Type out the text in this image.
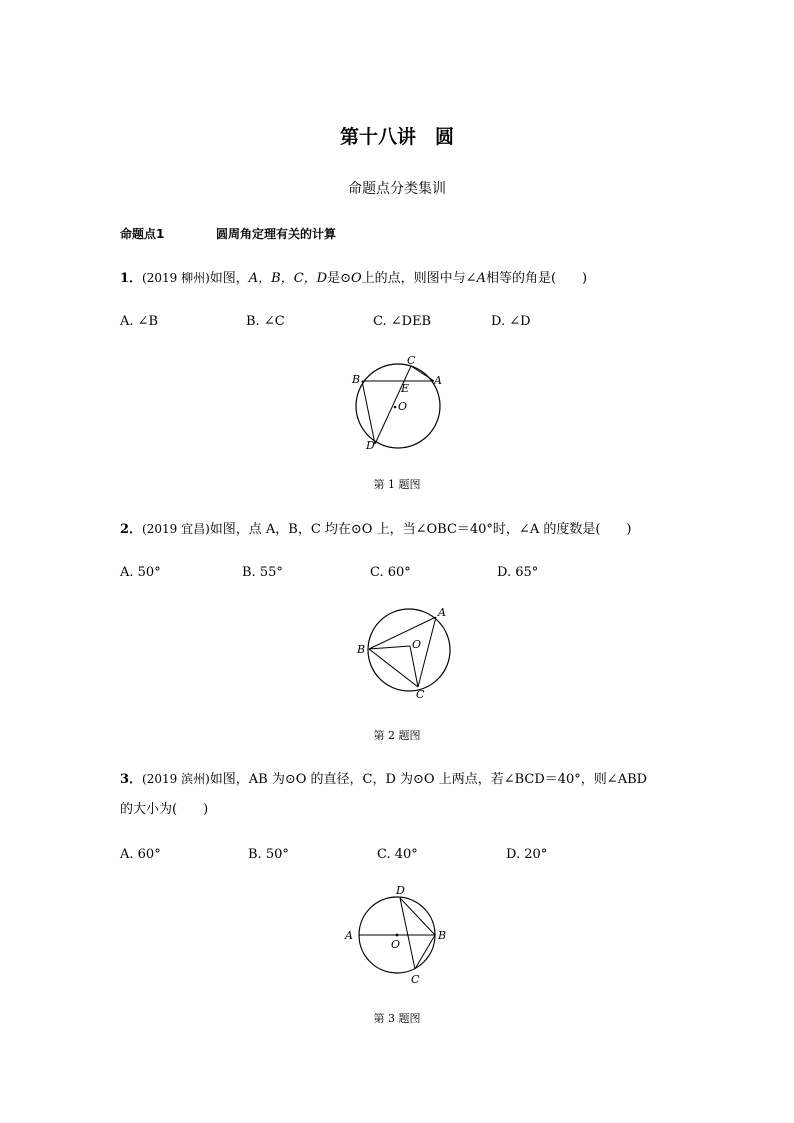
第十八讲　圆
命题点分类集训
命题点1	圆周角定理有关的计算
1．(2019 柳州)如图，A，B，C，D是⊙O上的点，则图中与∠A相等的角是(　　)
A. ∠B	B. ∠C	C. ∠DEB	D. ∠D
B
C
A
E
O
D
第 1 题图
2．(2019 宜昌)如图，点 A，B，C 均在⊙O 上，当∠OBC＝40°时，∠A 的度数是(　　)
A. 50°	B. 55°	C. 60°	D. 65°
B
A
O
C
第 2 题图
3．(2019 滨州)如图，AB 为⊙O 的直径，C，D 为⊙O 上两点，若∠BCD＝40°，则∠ABD
的大小为(　　)
A. 60°	B. 50°	C. 40°	D. 20°
A
D
B
O
C
第 3 题图
